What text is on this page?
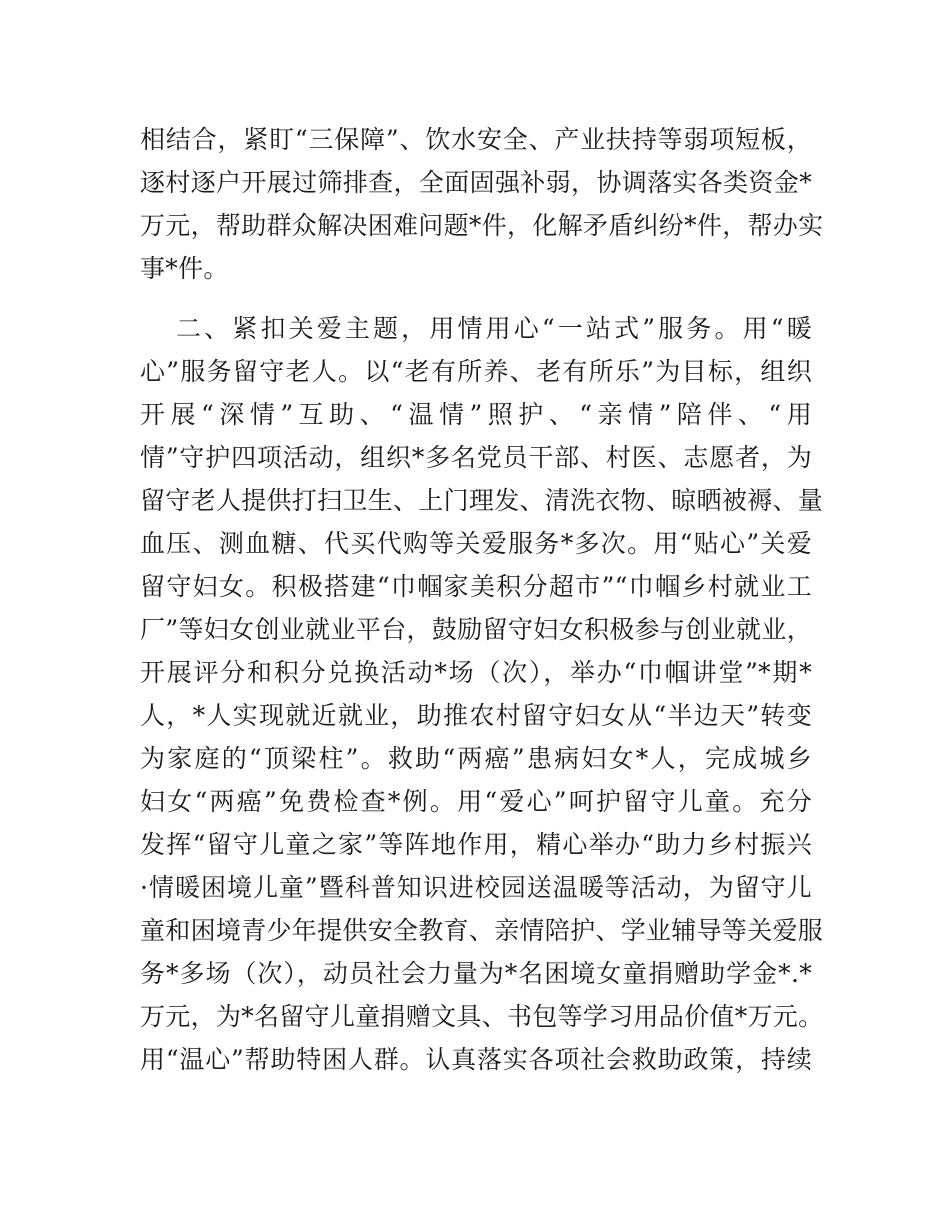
相结合，紧盯“三保障”、饮水安全、产业扶持等弱项短板，
逐村逐户开展过筛排查，全面固强补弱，协调落实各类资金*
万元，帮助群众解决困难问题*件，化解矛盾纠纷*件，帮办实
事*件。
二、紧扣关爱主题，用情用心“一站式”服务。用“暖
心”服务留守老人。以“老有所养、老有所乐”为目标，组织
开展“深情”互助、“温情”照护、“亲情”陪伴、“用
情”守护四项活动，组织*多名党员干部、村医、志愿者，为
留守老人提供打扫卫生、上门理发、清洗衣物、晾晒被褥、量
血压、测血糖、代买代购等关爱服务*多次。用“贴心”关爱
留守妇女。积极搭建“巾帼家美积分超市”“巾帼乡村就业工
厂”等妇女创业就业平台，鼓励留守妇女积极参与创业就业，
开展评分和积分兑换活动*场（次），举办“巾帼讲堂”*期*
人，*人实现就近就业，助推农村留守妇女从“半边天”转变
为家庭的“顶梁柱”。救助“两癌”患病妇女*人，完成城乡
妇女“两癌”免费检查*例。用“爱心”呵护留守儿童。充分
发挥“留守儿童之家”等阵地作用，精心举办“助力乡村振兴
·情暖困境儿童”暨科普知识进校园送温暖等活动，为留守儿
童和困境青少年提供安全教育、亲情陪护、学业辅导等关爱服
务*多场（次），动员社会力量为*名困境女童捐赠助学金*.*
万元，为*名留守儿童捐赠文具、书包等学习用品价值*万元。
用“温心”帮助特困人群。认真落实各项社会救助政策，持续
